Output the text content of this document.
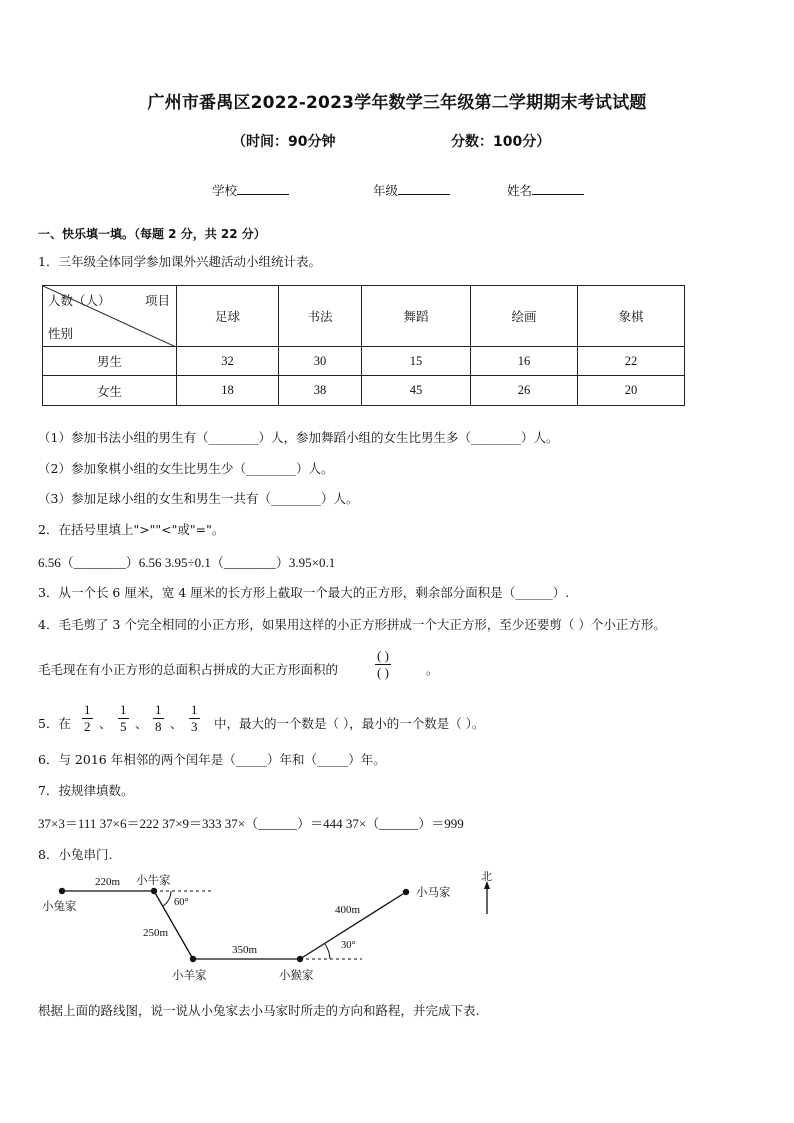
广州市番禺区2022-2023学年数学三年级第二学期期末考试试题
（时间：90分钟	分数：100分）
学校	年级	姓名
一、快乐填一填。（每题 2 分，共 22 分）
1．三年级全体同学参加课外兴趣活动小组统计表。
人数（人） 项目
性别	足球	书法	舞蹈	绘画	象棋
男生	32	30	15	16	22
女生	18	38	45	26	20
（1）参加书法小组的男生有（________）人，参加舞蹈小组的女生比男生多（________）人。
（2）参加象棋小组的女生比男生少（________）人。
（3）参加足球小组的女生和男生一共有（________）人。
2．在括号里填上">""<"或"="。
6.56（________）6.56 3.95÷0.1（________）3.95×0.1
3．从一个长 6 厘米，宽 4 厘米的长方形上截取一个最大的正方形，剩余部分面积是（______）.
4．毛毛剪了 3 个完全相同的小正方形，如果用这样的小正方形拼成一个大正方形，至少还要剪（ ）个小正方形。
毛毛现在有小正方形的总面积占拼成的大正方形面积的	$\frac{( )}{( )}$	。
5．在 $\frac{1}{2}$ 、 $\frac{1}{5}$ 、 $\frac{1}{8}$ 、 $\frac{1}{3}$ 中，最大的一个数是（ ），最小的一个数是（ ）。
6．与 2016 年相邻的两个闰年是（_____）年和（_____）年。
7．按规律填数。
37×3＝111 37×6＝222 37×9＝333 37×（______）＝444 37×（______）＝999
8．小兔串门.
小兔家
小牛家
小羊家	小猴家
小马家
220m
250m
350m
400m
60°
30°
北
根据上面的路线图，说一说从小兔家去小马家时所走的方向和路程，并完成下表.
